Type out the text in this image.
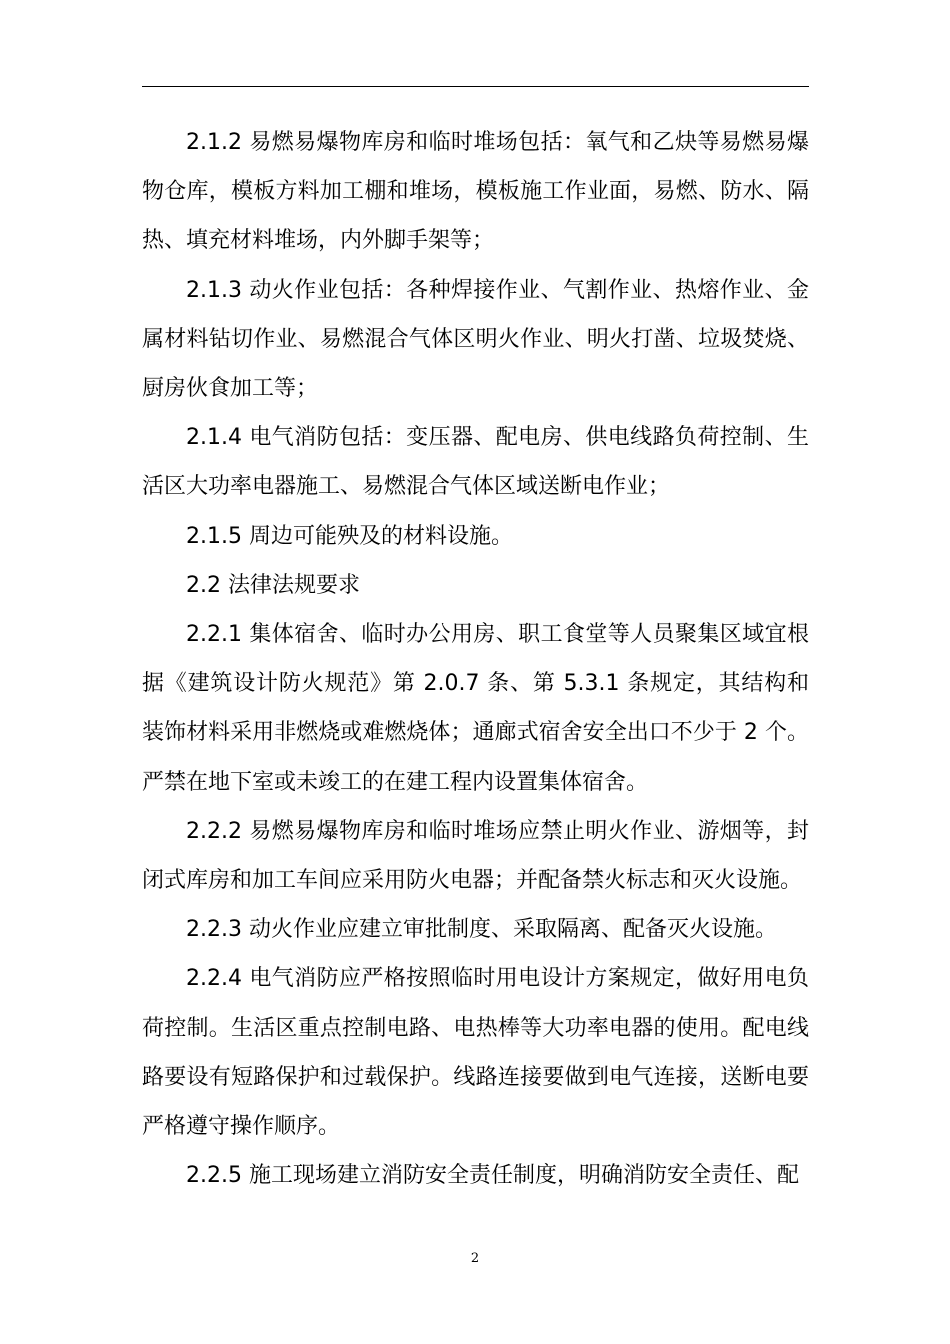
2.1.2 易燃易爆物库房和临时堆场包括：氧气和乙炔等易燃易爆物仓库，模板方料加工棚和堆场，模板施工作业面，易燃、防水、隔热、填充材料堆场，内外脚手架等；

2.1.3 动火作业包括：各种焊接作业、气割作业、热熔作业、金属材料钻切作业、易燃混合气体区明火作业、明火打凿、垃圾焚烧、厨房伙食加工等；

2.1.4 电气消防包括：变压器、配电房、供电线路负荷控制、生活区大功率电器施工、易燃混合气体区域送断电作业；

2.1.5 周边可能殃及的材料设施。

2.2 法律法规要求

2.2.1 集体宿舍、临时办公用房、职工食堂等人员聚集区域宜根据《建筑设计防火规范》第 2.0.7 条、第 5.3.1 条规定，其结构和装饰材料采用非燃烧或难燃烧体；通廊式宿舍安全出口不少于 2 个。严禁在地下室或未竣工的在建工程内设置集体宿舍。

2.2.2 易燃易爆物库房和临时堆场应禁止明火作业、游烟等，封闭式库房和加工车间应采用防火电器；并配备禁火标志和灭火设施。

2.2.3 动火作业应建立审批制度、采取隔离、配备灭火设施。

2.2.4 电气消防应严格按照临时用电设计方案规定，做好用电负荷控制。生活区重点控制电路、电热棒等大功率电器的使用。配电线路要设有短路保护和过载保护。线路连接要做到电气连接，送断电要严格遵守操作顺序。

2.2.5 施工现场建立消防安全责任制度，明确消防安全责任、配

2
